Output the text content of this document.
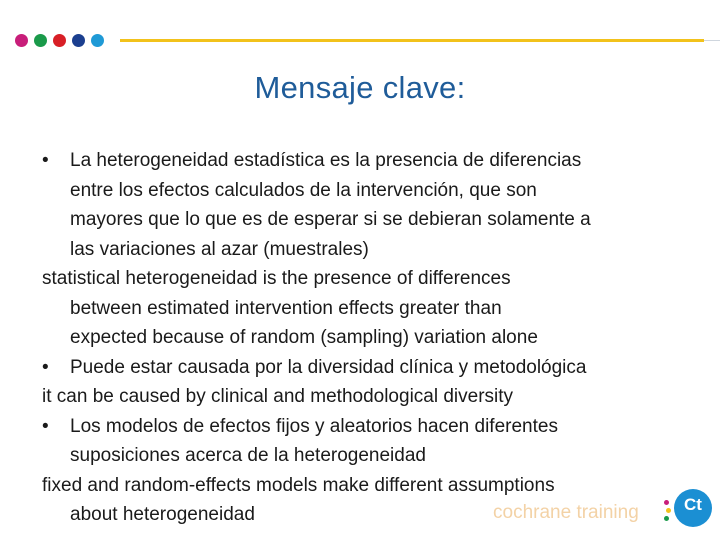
Mensaje clave:
• La heterogeneidad estadística es la presencia de diferencias
entre los efectos calculados de la intervención, que son
mayores que lo que es de esperar si se debieran solamente a
las variaciones al azar (muestrales)
statistical heterogeneidad is the presence of differences
between estimated intervention effects greater than
expected because of random (sampling) variation alone
• Puede estar causada por la diversidad clínica y metodológica
it can be caused by clinical and methodological diversity
• Los modelos de efectos fijos y aleatorios hacen diferentes
suposiciones acerca de la heterogeneidad
fixed and random-effects models make different assumptions
about heterogeneidad	cochrane training	Ct
